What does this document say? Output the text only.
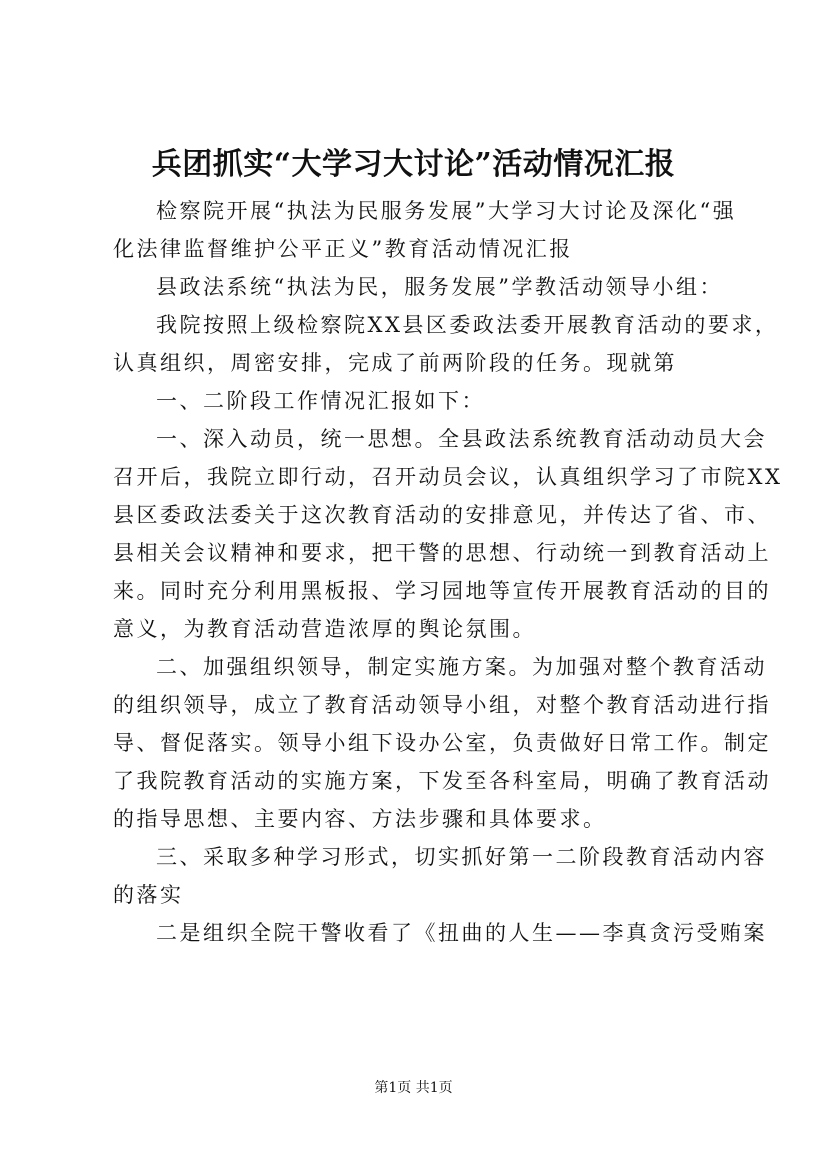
兵团抓实“大学习大讨论”活动情况汇报
检察院开展“执法为民服务发展”大学习大讨论及深化“强
化法律监督维护公平正义”教育活动情况汇报
县政法系统“执法为民，服务发展”学教活动领导小组：
我院按照上级检察院XX县区委政法委开展教育活动的要求，
认真组织，周密安排，完成了前两阶段的任务。现就第
一、二阶段工作情况汇报如下：
一、深入动员，统一思想。全县政法系统教育活动动员大会
召开后，我院立即行动，召开动员会议，认真组织学习了市院XX
县区委政法委关于这次教育活动的安排意见，并传达了省、市、
县相关会议精神和要求，把干警的思想、行动统一到教育活动上
来。同时充分利用黑板报、学习园地等宣传开展教育活动的目的
意义，为教育活动营造浓厚的舆论氛围。
二、加强组织领导，制定实施方案。为加强对整个教育活动
的组织领导，成立了教育活动领导小组，对整个教育活动进行指
导、督促落实。领导小组下设办公室，负责做好日常工作。制定
了我院教育活动的实施方案，下发至各科室局，明确了教育活动
的指导思想、主要内容、方法步骤和具体要求。
三、采取多种学习形式，切实抓好第一二阶段教育活动内容
的落实
二是组织全院干警收看了《扭曲的人生——李真贪污受贿案
第1页 共1页
